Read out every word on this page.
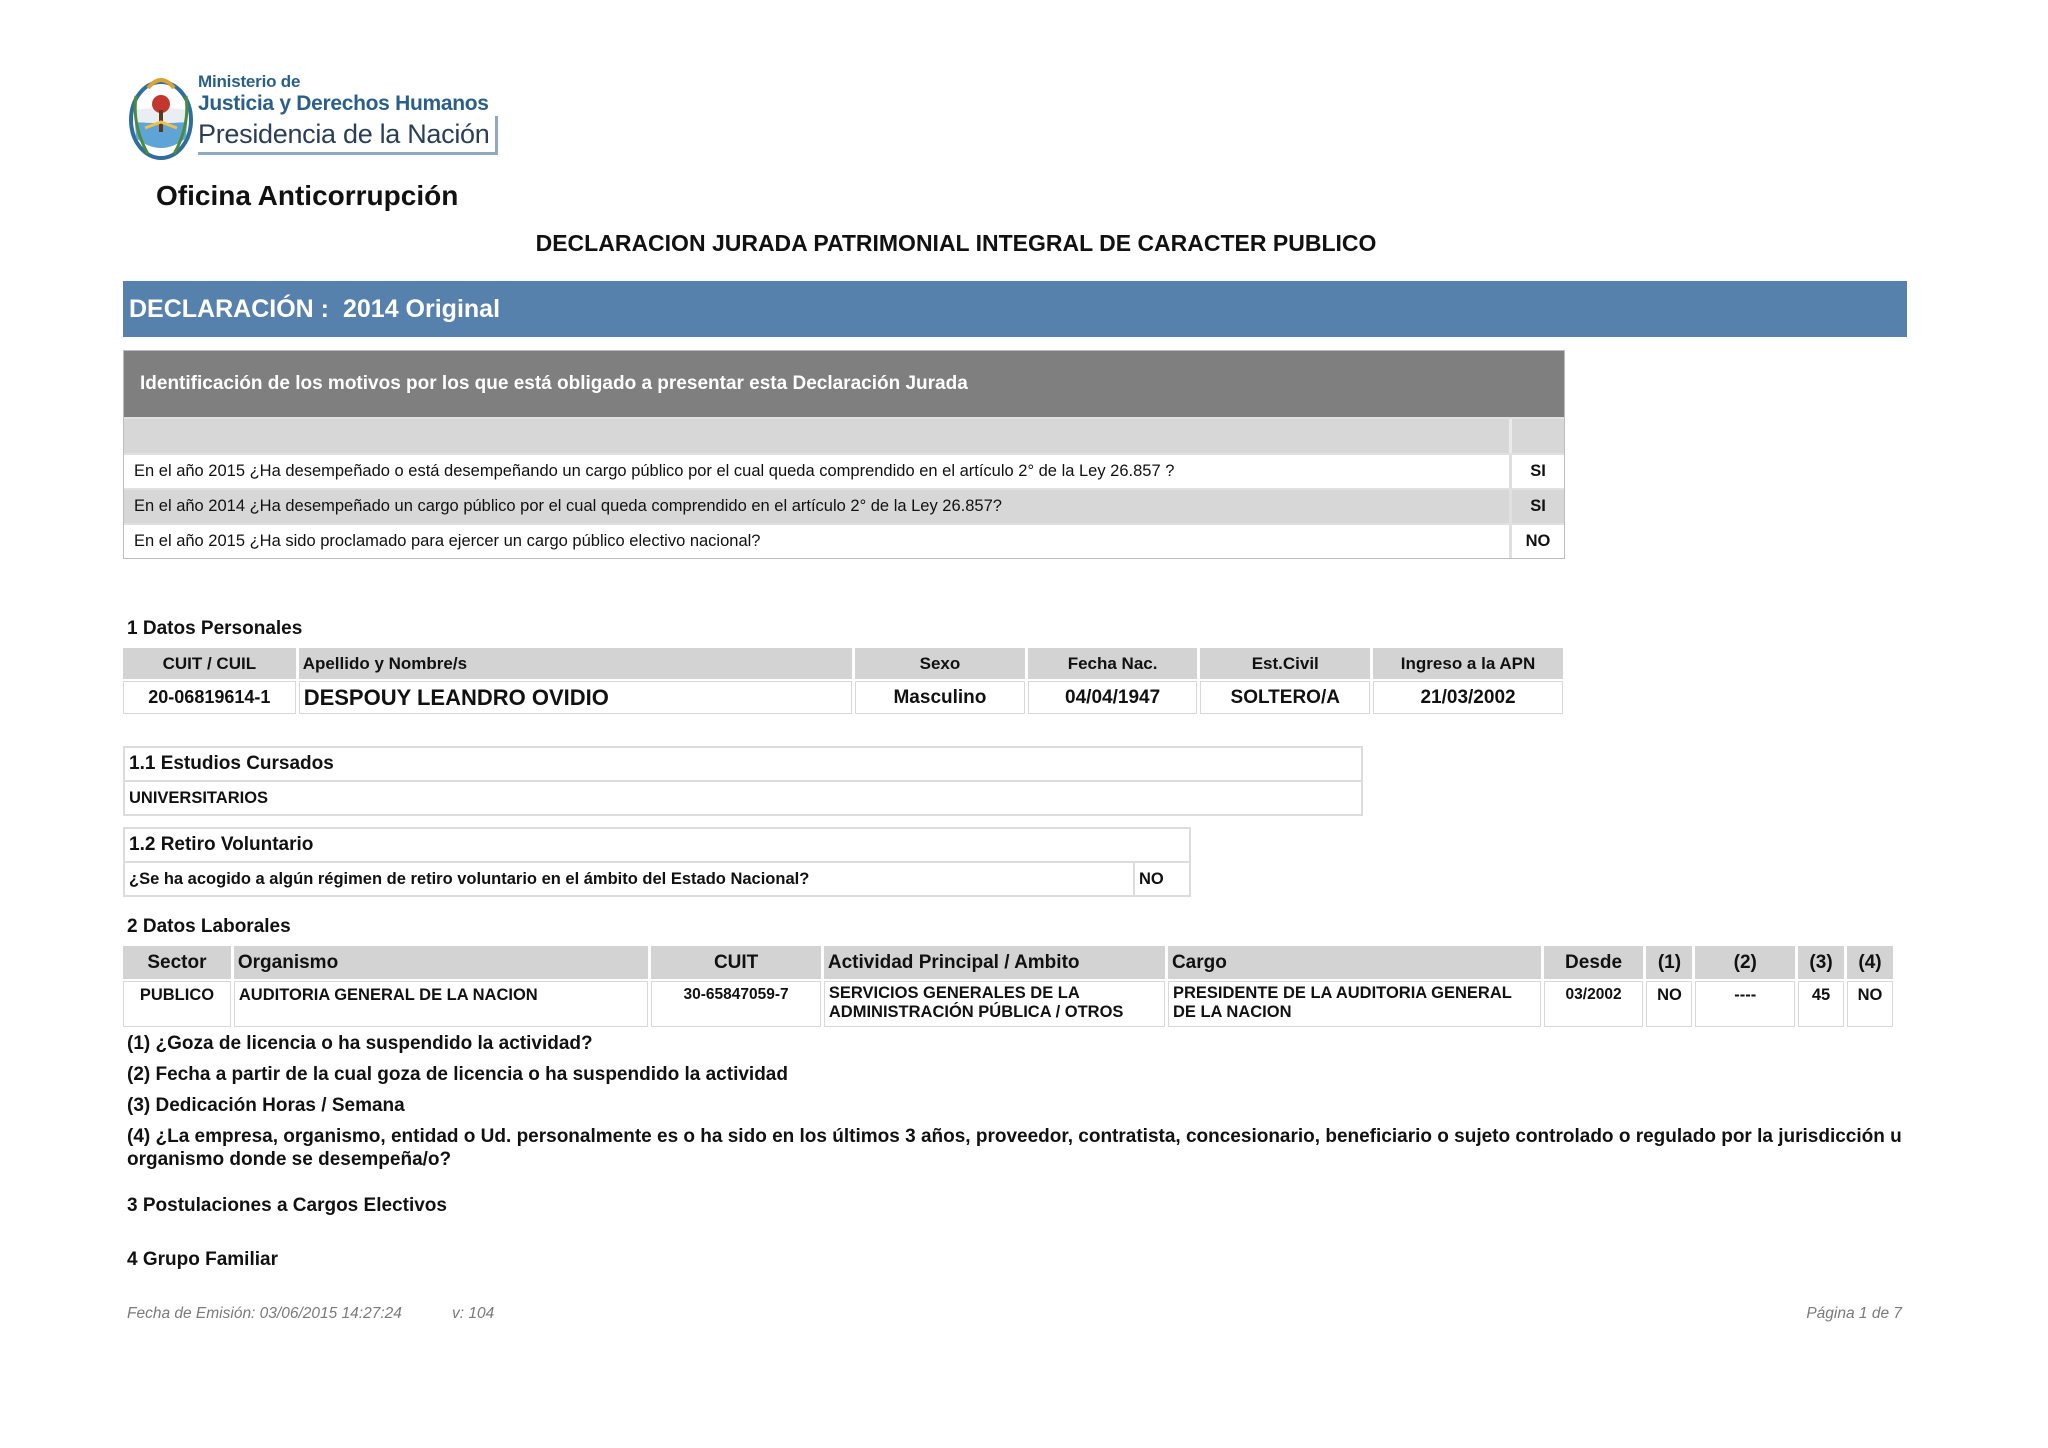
Ministerio de
Justicia y Derechos Humanos
Presidencia de la Nación
Oficina Anticorrupción
DECLARACION JURADA PATRIMONIAL INTEGRAL DE CARACTER PUBLICO
DECLARACIÓN : 2014 Original
Identificación de los motivos por los que está obligado a presentar esta Declaración Jurada
En el año 2015 ¿Ha desempeñado o está desempeñando un cargo público por el cual queda comprendido en el artículo 2° de la Ley 26.857 ?	SI
En el año 2014 ¿Ha desempeñado un cargo público por el cual queda comprendido en el artículo 2° de la Ley 26.857?	SI
En el año 2015 ¿Ha sido proclamado para ejercer un cargo público electivo nacional?	NO
1 Datos Personales
CUIT / CUIL	Apellido y Nombre/s	Sexo	Fecha Nac.	Est.Civil	Ingreso a la APN
20-06819614-1	DESPOUY LEANDRO OVIDIO	Masculino	04/04/1947	SOLTERO/A	21/03/2002
1.1 Estudios Cursados
UNIVERSITARIOS
1.2 Retiro Voluntario
¿Se ha acogido a algún régimen de retiro voluntario en el ámbito del Estado Nacional?	NO
2 Datos Laborales
Sector	Organismo	CUIT	Actividad Principal / Ambito	Cargo	Desde	(1)	(2)	(3)	(4)
PUBLICO	AUDITORIA GENERAL DE LA NACION	30-65847059-7	SERVICIOS GENERALES DE LA ADMINISTRACIÓN PÚBLICA / OTROS	PRESIDENTE DE LA AUDITORIA GENERAL DE LA NACION	03/2002	NO	----	45	NO
(1) ¿Goza de licencia o ha suspendido la actividad?
(2) Fecha a partir de la cual goza de licencia o ha suspendido la actividad
(3) Dedicación Horas / Semana
(4) ¿La empresa, organismo, entidad o Ud. personalmente es o ha sido en los últimos 3 años, proveedor, contratista, concesionario, beneficiario o sujeto controlado o regulado por la jurisdicción u organismo donde se desempeña/o?
3 Postulaciones a Cargos Electivos
4 Grupo Familiar
Fecha de Emisión: 03/06/2015 14:27:24	v: 104	Página 1 de 7
